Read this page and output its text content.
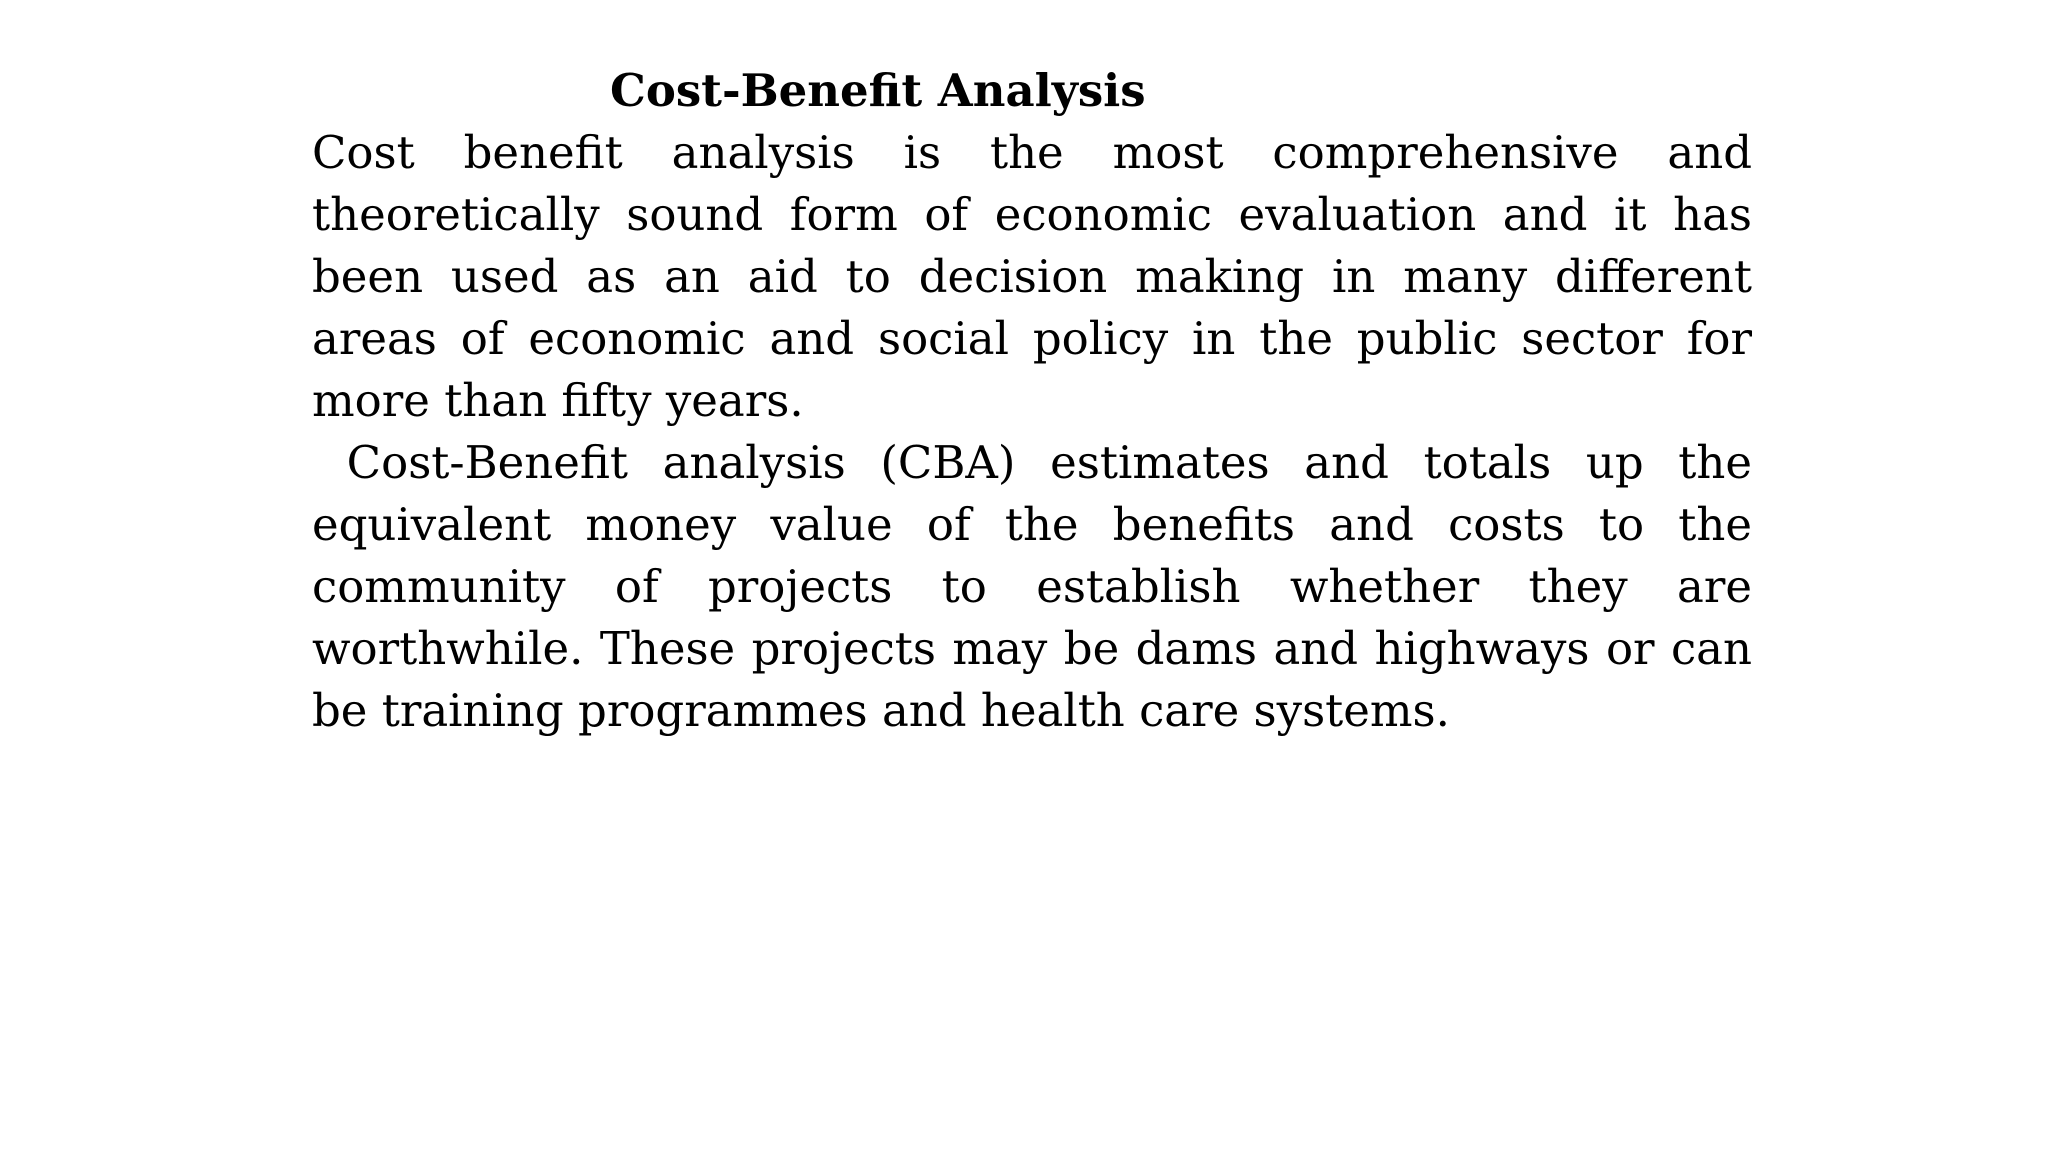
Cost-Benefit Analysis

Cost benefit analysis is the most comprehensive and theoretically sound form of economic evaluation and it has been used as an aid to decision making in many different areas of economic and social policy in the public sector for more than fifty years.

Cost-Benefit analysis (CBA) estimates and totals up the equivalent money value of the benefits and costs to the community of projects to establish whether they are worthwhile. These projects may be dams and highways or can be training programmes and health care systems.
